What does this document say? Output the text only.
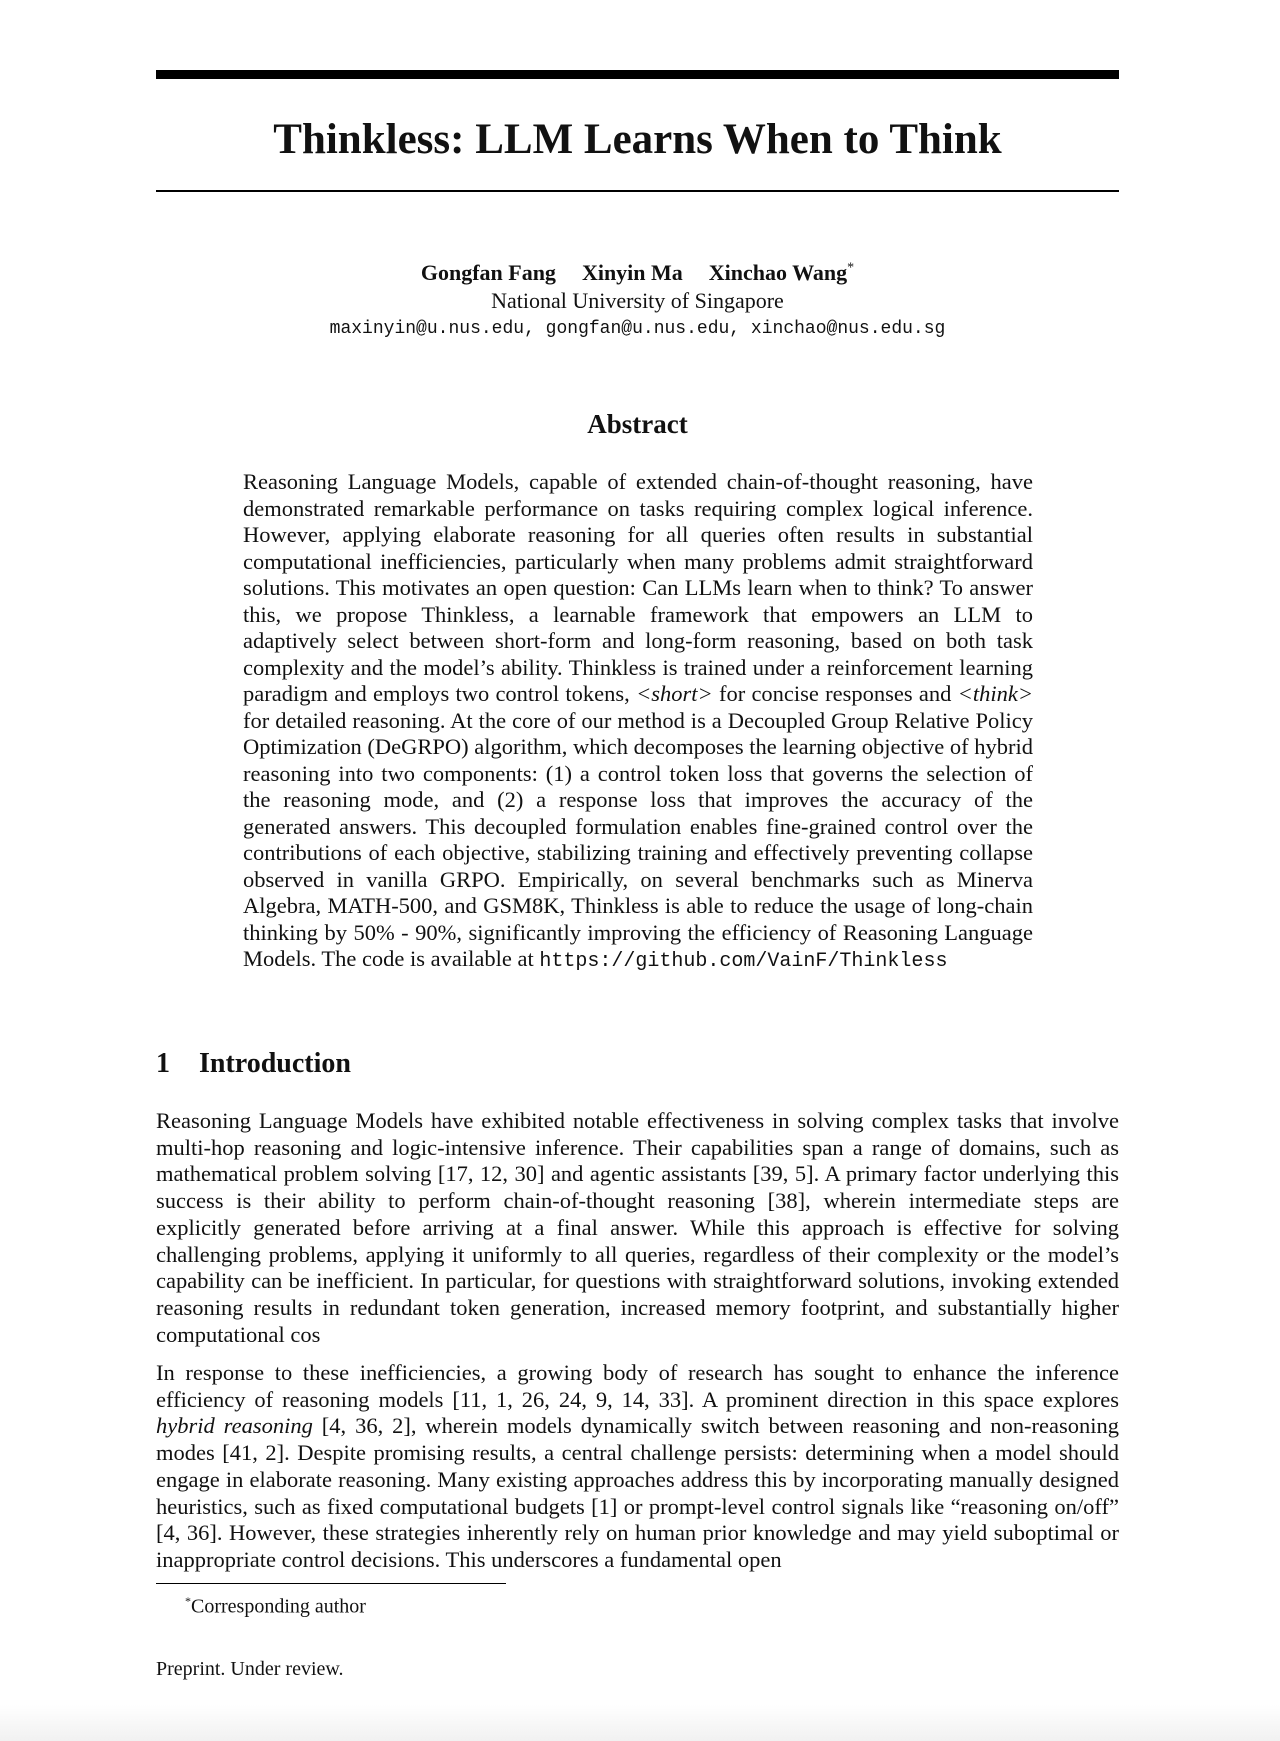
Thinkless: LLM Learns When to Think
Gongfan Fang Xinyin Ma Xinchao Wang*
National University of Singapore
maxinyin@u.nus.edu, gongfan@u.nus.edu, xinchao@nus.edu.sg
Abstract

Reasoning Language Models, capable of extended chain-of-thought reasoning, have demonstrated remarkable performance on tasks requiring complex logical inference. However, applying elaborate reasoning for all queries often results in substantial computational inefficiencies, particularly when many problems admit straightforward solutions. This motivates an open question: Can LLMs learn when to think? To answer this, we propose Thinkless, a learnable framework that empowers an LLM to adaptively select between short-form and long-form reasoning, based on both task complexity and the model’s ability. Thinkless is trained under a reinforcement learning paradigm and employs two control tokens, <short> for concise responses and <think> for detailed reasoning. At the core of our method is a Decoupled Group Relative Policy Optimization (DeGRPO) algorithm, which decomposes the learning objective of hybrid reasoning into two components: (1) a control token loss that governs the selection of the reasoning mode, and (2) a response loss that improves the accuracy of the generated answers. This decoupled formulation enables fine-grained control over the contributions of each objective, stabilizing training and effectively preventing collapse observed in vanilla GRPO. Empirically, on several benchmarks such as Minerva Algebra, MATH-500, and GSM8K, Thinkless is able to reduce the usage of long-chain thinking by 50% - 90%, significantly improving the efficiency of Reasoning Language Models. The code is available at https://github.com/VainF/Thinkless

1 Introduction

Reasoning Language Models have exhibited notable effectiveness in solving complex tasks that involve multi-hop reasoning and logic-intensive inference. Their capabilities span a range of domains, such as mathematical problem solving [17, 12, 30] and agentic assistants [39, 5]. A primary factor underlying this success is their ability to perform chain-of-thought reasoning [38], wherein intermediate steps are explicitly generated before arriving at a final answer. While this approach is effective for solving challenging problems, applying it uniformly to all queries, regardless of their complexity or the model’s capability can be inefficient. In particular, for questions with straightforward solutions, invoking extended reasoning results in redundant token generation, increased memory footprint, and substantially higher computational cos

In response to these inefficiencies, a growing body of research has sought to enhance the inference efficiency of reasoning models [11, 1, 26, 24, 9, 14, 33]. A prominent direction in this space explores hybrid reasoning [4, 36, 2], wherein models dynamically switch between reasoning and non-reasoning modes [41, 2]. Despite promising results, a central challenge persists: determining when a model should engage in elaborate reasoning. Many existing approaches address this by incorporating manually designed heuristics, such as fixed computational budgets [1] or prompt-level control signals like “reasoning on/off” [4, 36]. However, these strategies inherently rely on human prior knowledge and may yield suboptimal or inappropriate control decisions. This underscores a fundamental open

*Corresponding author

Preprint. Under review.
